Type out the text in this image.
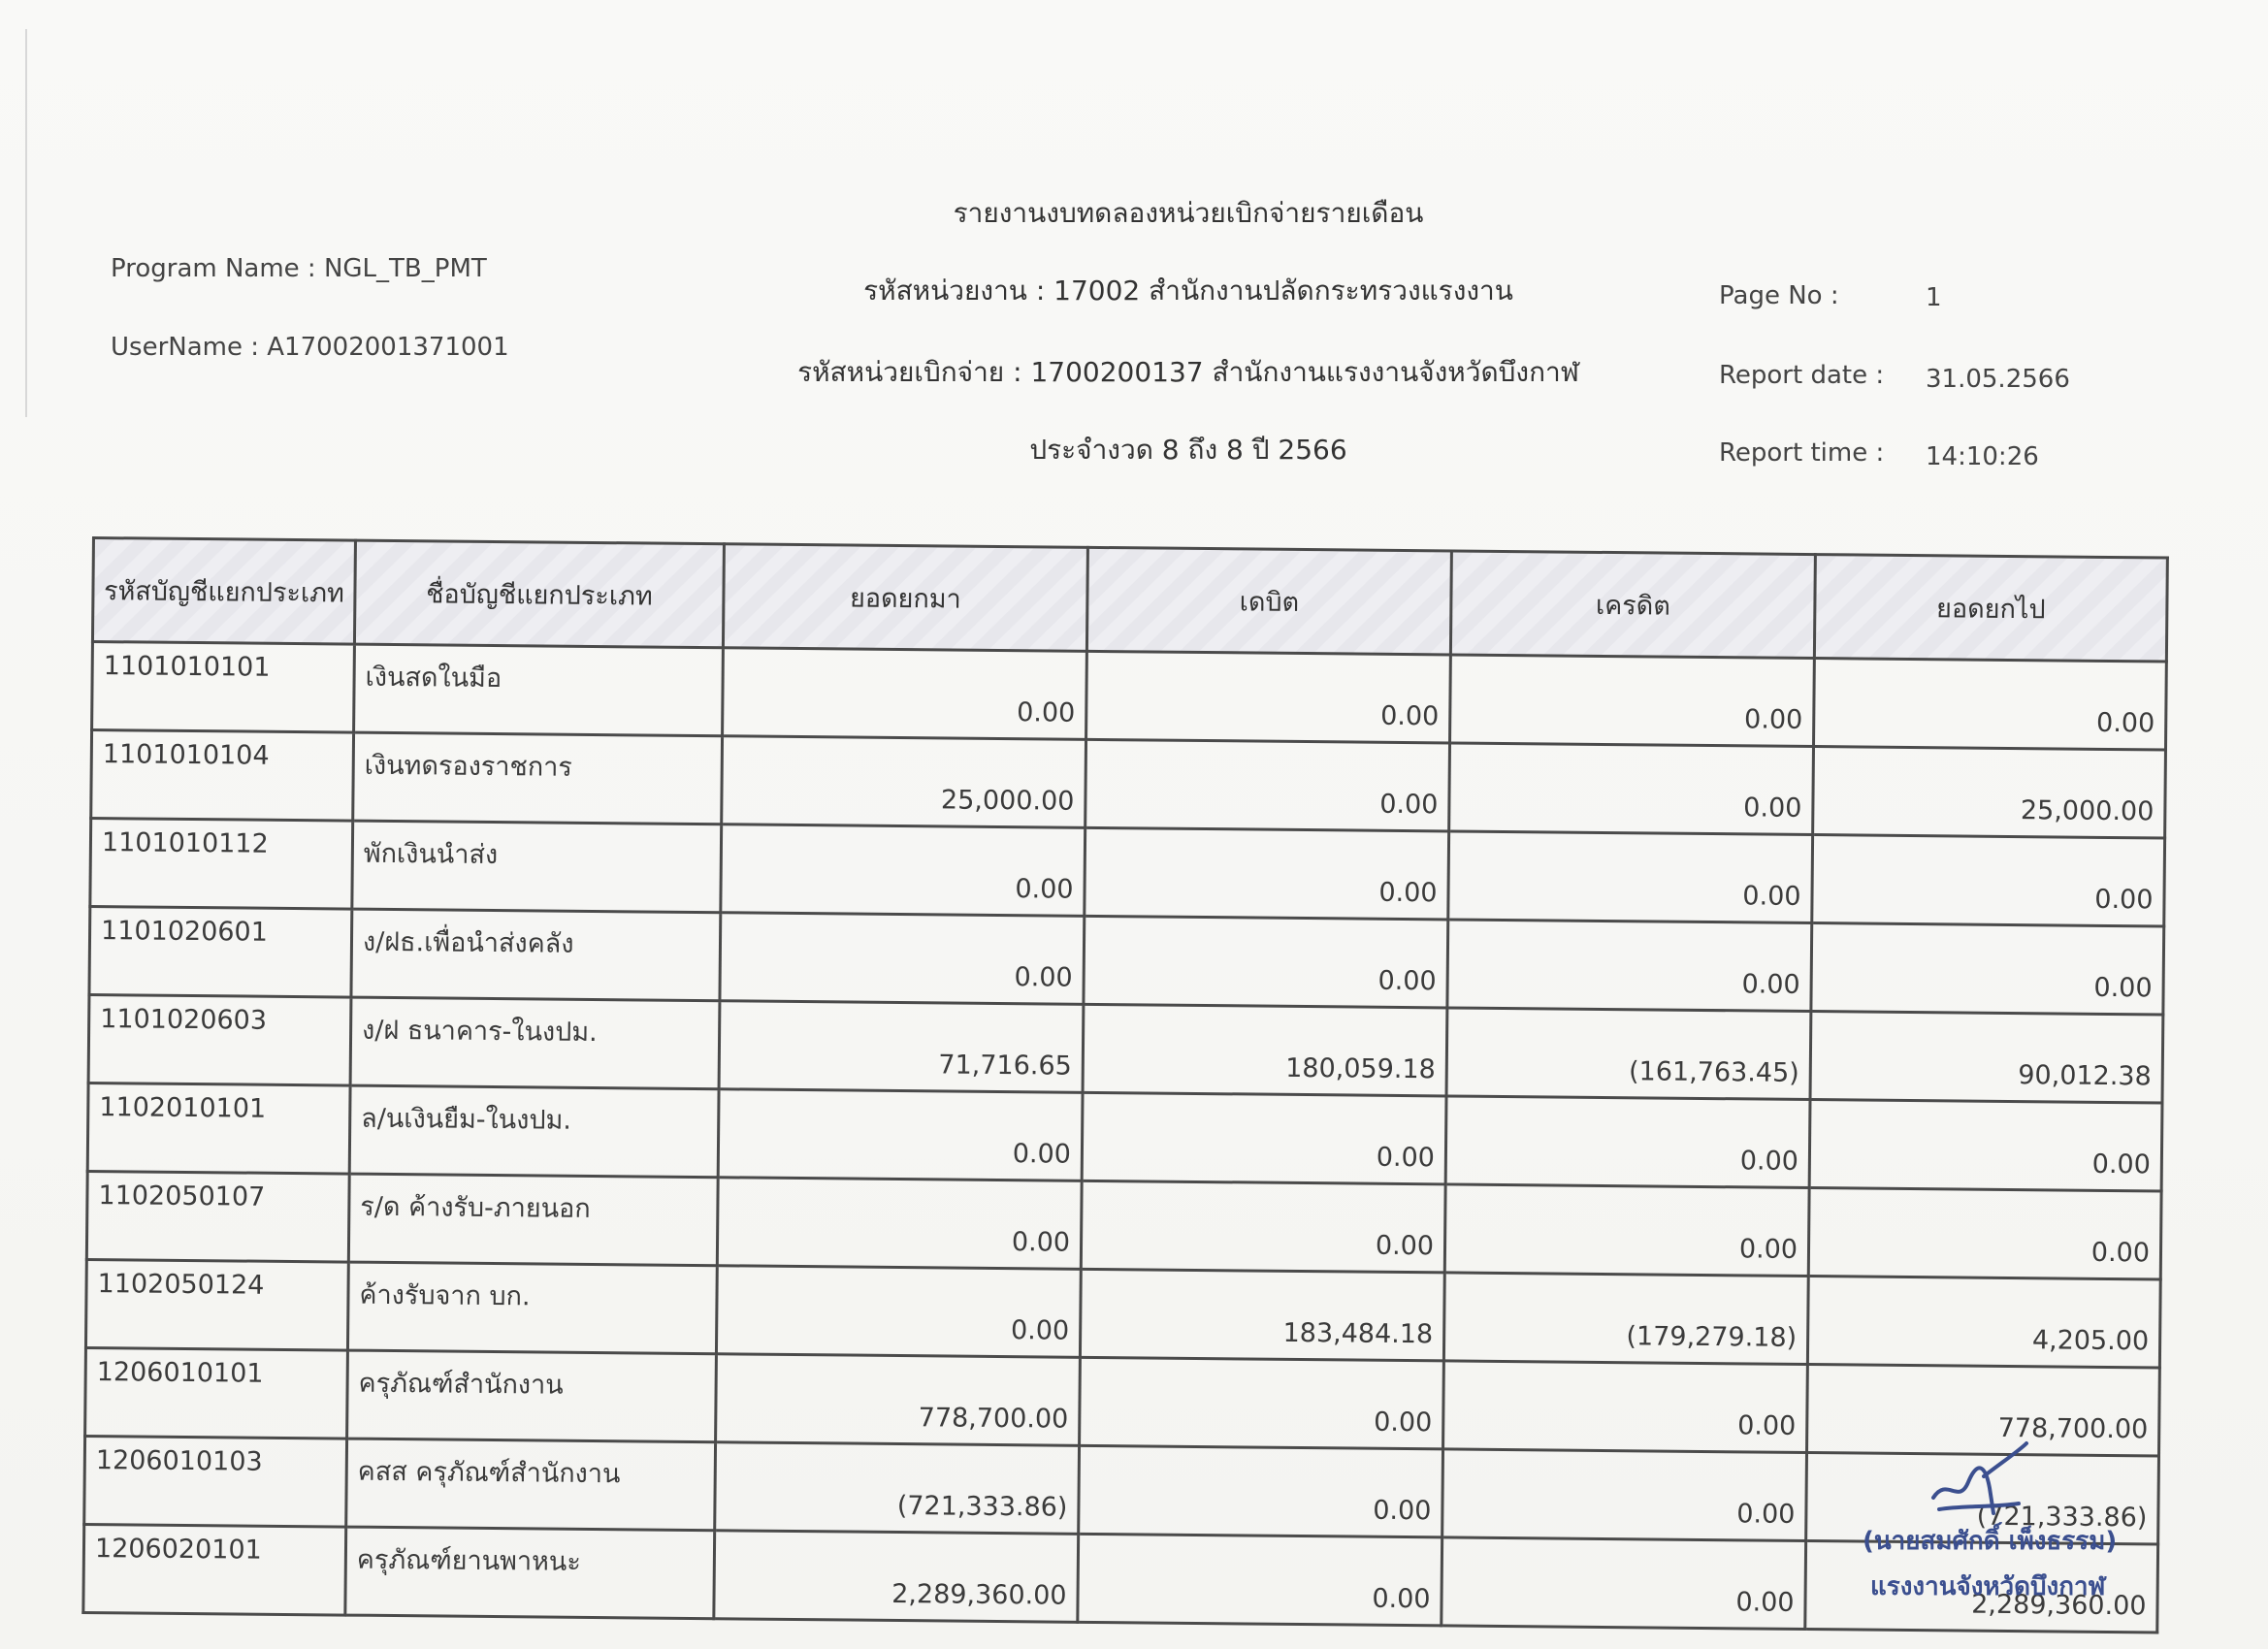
Program Name : NGL_TB_PMT
UserName : A17002001371001
รายงานงบทดลองหน่วยเบิกจ่ายรายเดือน
รหัสหน่วยงาน : 17002 สำนักงานปลัดกระทรวงแรงงาน
รหัสหน่วยเบิกจ่าย : 1700200137 สำนักงานแรงงานจังหวัดบึงกาฬ
ประจำงวด 8 ถึง 8 ปี 2566
Page No :	1
Report date : 31.05.2566
Report time : 14:10:26
รหัสบัญชีแยกประเภท	ชื่อบัญชีแยกประเภท	ยอดยกมา	เดบิต	เครดิต	ยอดยกไป
1101010101	เงินสดในมือ	0.00	0.00	0.00	0.00
1101010104	เงินทดรองราชการ	25,000.00	0.00	0.00	25,000.00
1101010112	พักเงินนำส่ง	0.00	0.00	0.00	0.00
1101020601	ง/ฝธ.เพื่อนำส่งคลัง	0.00	0.00	0.00	0.00
1101020603	ง/ฝ ธนาคาร-ในงปม.	71,716.65	180,059.18	(161,763.45)	90,012.38
1102010101	ล/นเงินยืม-ในงปม.	0.00	0.00	0.00	0.00
1102050107	ร/ด ค้างรับ-ภายนอก	0.00	0.00	0.00	0.00
1102050124	ค้างรับจาก บก.	0.00	183,484.18	(179,279.18)	4,205.00
1206010101	ครุภัณฑ์สำนักงาน	778,700.00	0.00	0.00	778,700.00
1206010103	คสส ครุภัณฑ์สำนักงาน	(721,333.86)	0.00	0.00	(721,333.86)
1206020101	ครุภัณฑ์ยานพาหนะ	2,289,360.00	0.00	0.00	2,289,360.00
(นายสมศักดิ์ เพ็งธรรม)
แรงงานจังหวัดบึงกาฬ
